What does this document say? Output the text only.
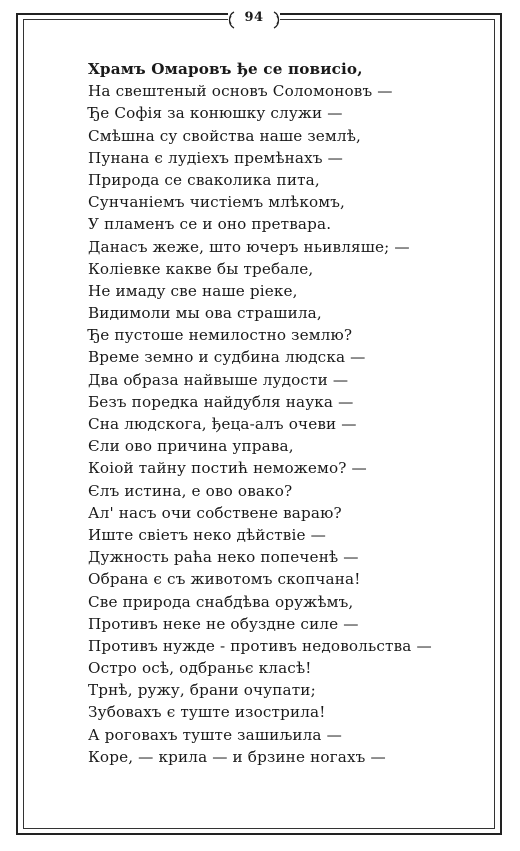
94
Храмъ Омаровъ ђе се повисіо,
На свештеный основъ Соломоновъ —
Ђе Софія за конюшку служи —
Смѣшна су свойства наше землѣ,
Пунана є лудіехъ премѣнахъ —
Природа се сваколика пита,
Сунчаніемъ чистіемъ млѣкомъ,
У пламенъ се и оно претвара.
Данасъ жеже, што ючеръ ньивляше; —
Коліевке какве бы требале,
Не имаду све наше ріеке,
Видимоли мы ова страшила,
Ђе пустоше немилостно землю?
Време земно и судбина людска —
Два образа найвыше лудости —
Безъ поредка найдубля наука —
Сна людскога, ђеца-алъ очеви —
Єли ово причина управа,
Коіой тайну постић неможемо? —
Єлъ истина, е ово овако?
Ал' насъ очи собствене вараю?
Иште свіетъ неко дѣйствіе —
Дужность раћа неко попеченѣ —
Обрана є съ животомъ скопчана!
Све природа снабдѣва оружѣмъ,
Противъ неке не обуздне силе —
Противъ нужде - противъ недовольства —
Остро осѣ, одбраньє класѣ!
Трнѣ, ружу, брани очупати;
Зубовахъ є туште изострила!
А роговахъ туште зашиљила —
Коре, — крила — и брзине ногахъ —
